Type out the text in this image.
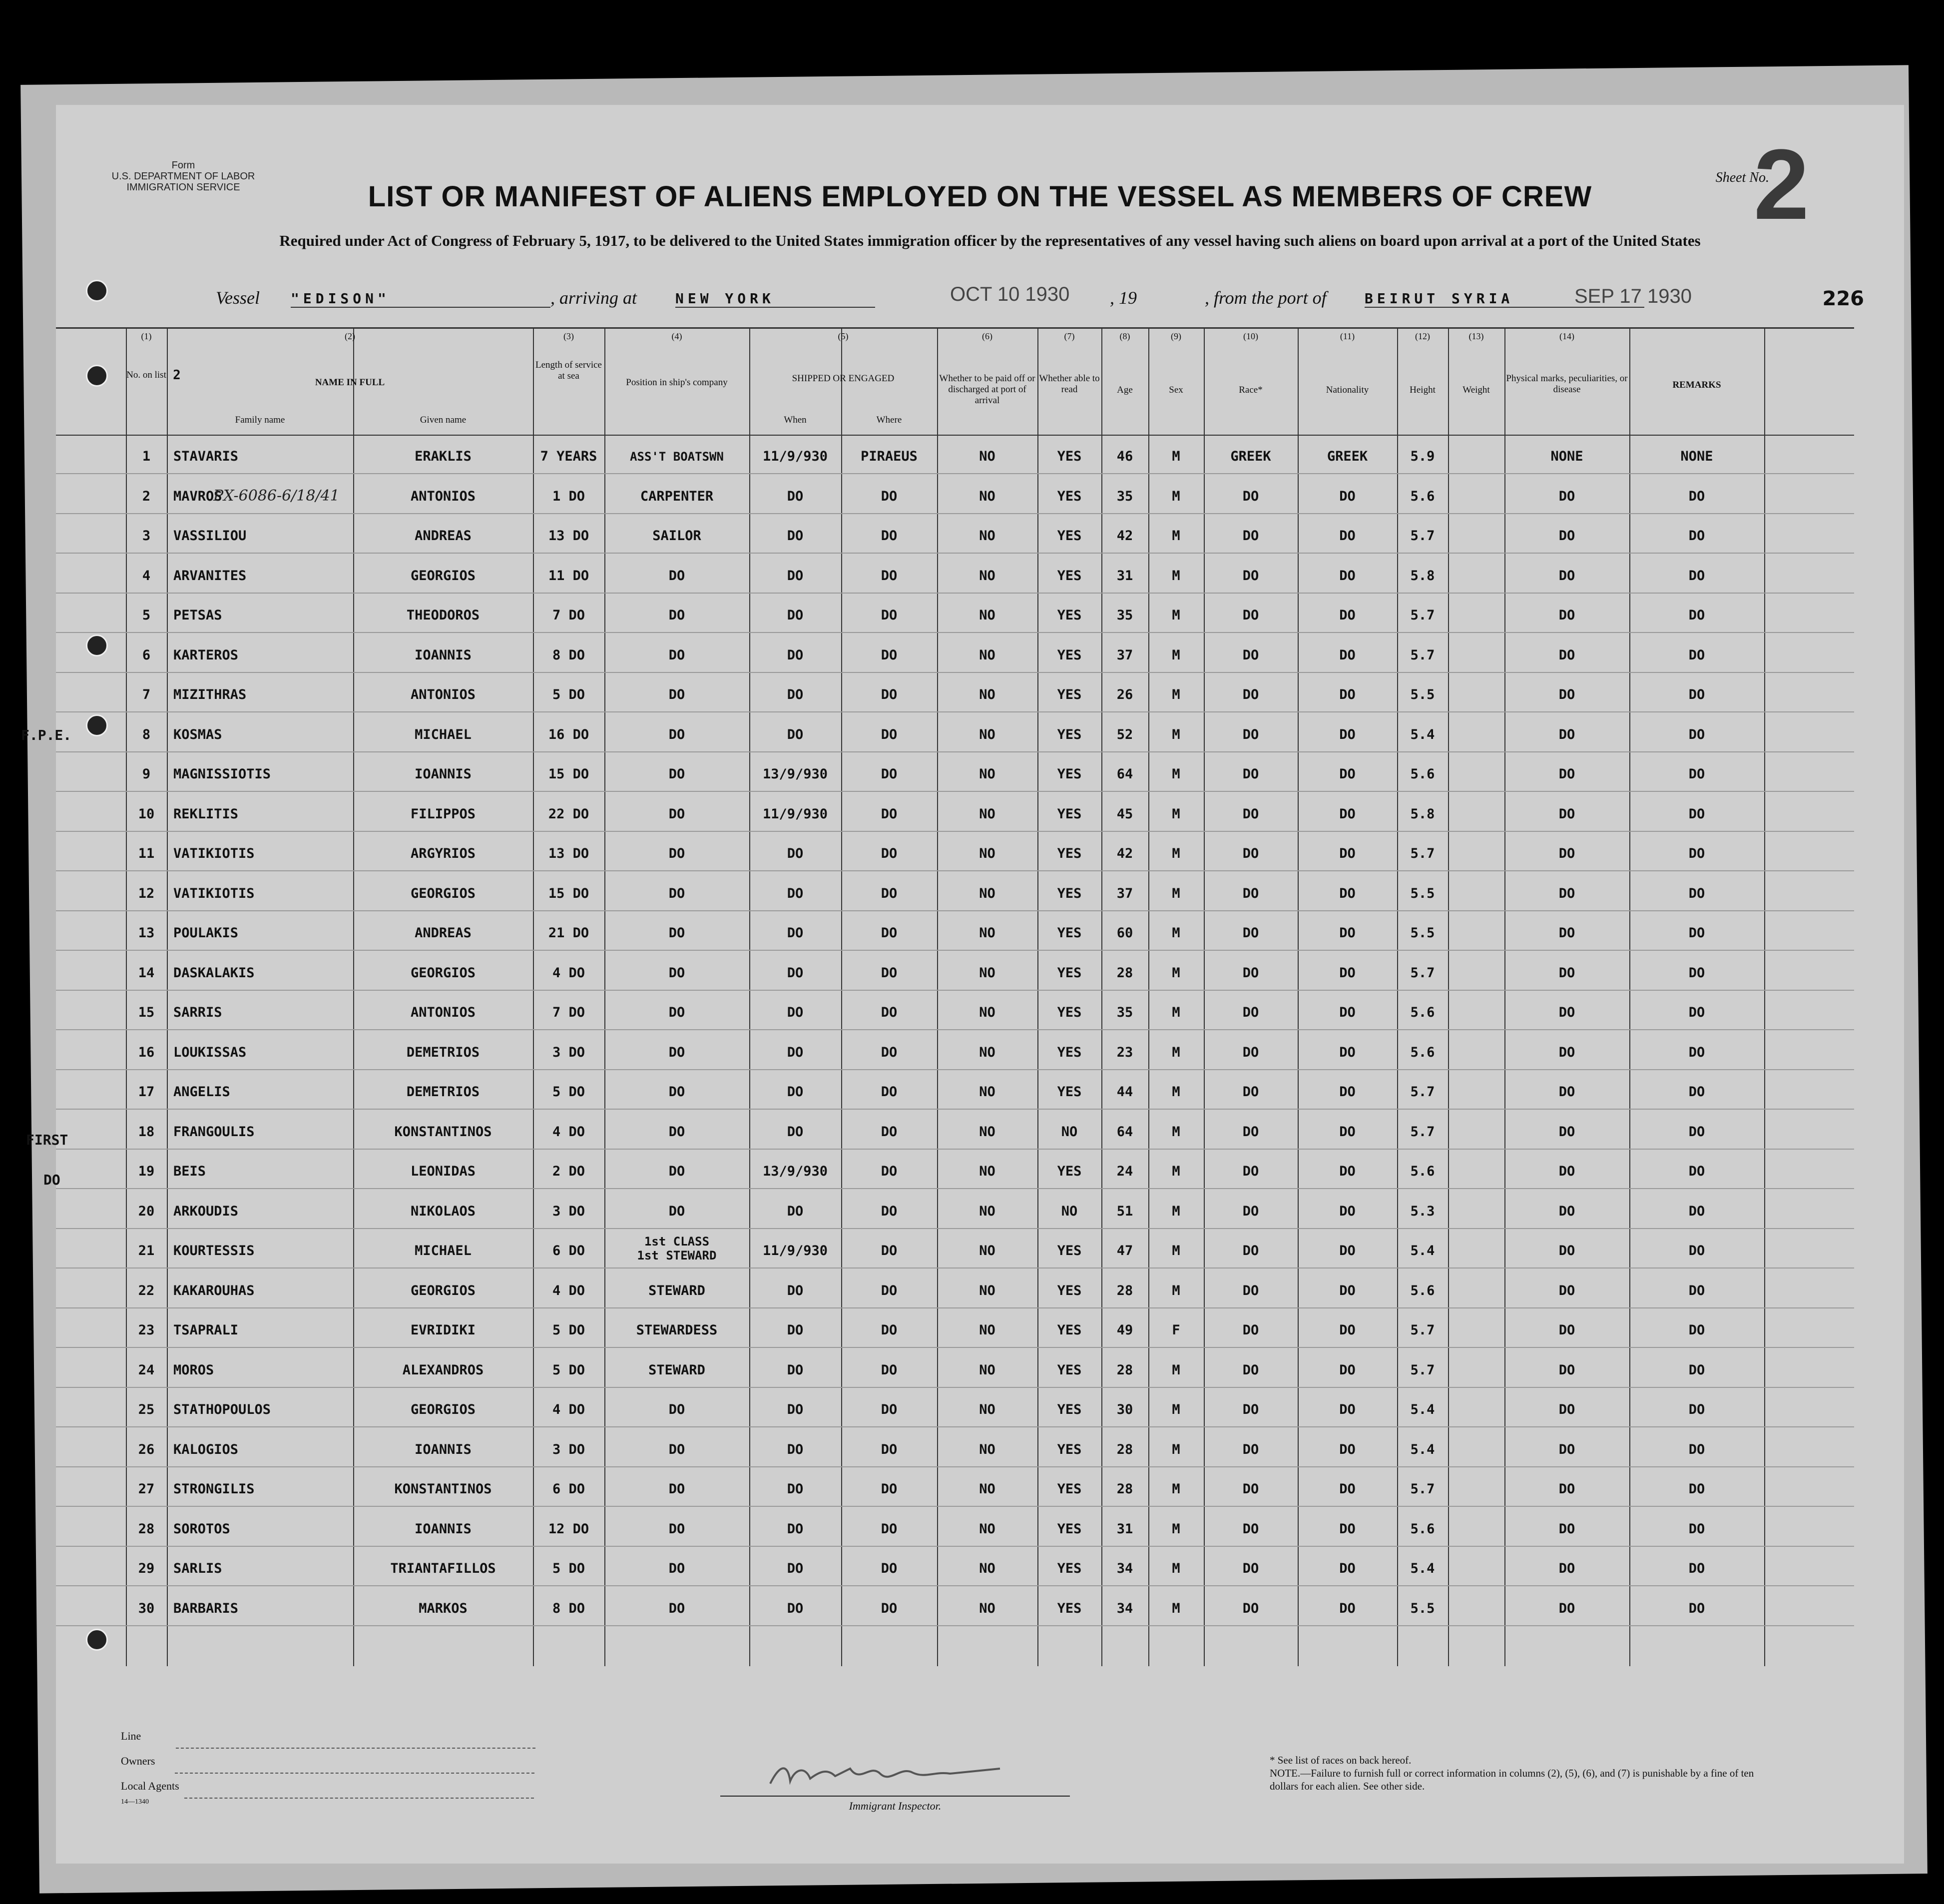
Form
U.S. DEPARTMENT OF LABOR
IMMIGRATION SERVICE
Sheet No.
2
LIST OR MANIFEST OF ALIENS EMPLOYED ON THE VESSEL AS MEMBERS OF CREW
Required under Act of Congress of February 5, 1917, to be delivered to the United States immigration officer by the representatives of any vessel having such aliens on board upon arrival at a port of the United States
Vessel "EDISON"	, arriving at	NEW YORK	OCT 10 1930 , 19	, from the port of	BEIRUT SYRIA	SEP 17 1930	226
(1)	(2)	(3)	(4)	(5)	(6)	(7)	(8)	(9)	(10)	(11)	(12)	(13)	(14)
No. on list 2	NAME IN FULL
Family name	Given name
Length of service at sea
Position in ship's company	SHIPPED OR ENGAGED
When	Where
Whether to be paid off or discharged at port of arrival
Whether able to read	Age	Sex	Race*	Nationality	Height	Weight
Physical marks, peculiarities, or disease	REMARKS
1	STAVARIS	ERAKLIS	7 YEARS	ASS'T BOATSWN	11/9/930	PIRAEUS	NO	YES	46	M	GREEK	GREEK	5.9	NONE	NONE
2	MAVROS	ANTONIOS	1 DO	CARPENTER	DO	DO	NO	YES	35	M	DO	DO	5.6	DO	DO
3	VASSILIOU	ANDREAS	13 DO	SAILOR	DO	DO	NO	YES	42	M	DO	DO	5.7	DO	DO
4	ARVANITES	GEORGIOS	11 DO	DO	DO	DO	NO	YES	31	M	DO	DO	5.8	DO	DO
5	PETSAS	THEODOROS	7 DO	DO	DO	DO	NO	YES	35	M	DO	DO	5.7	DO	DO
6	KARTEROS	IOANNIS	8 DO	DO	DO	DO	NO	YES	37	M	DO	DO	5.7	DO	DO
7	MIZITHRAS	ANTONIOS	5 DO	DO	DO	DO	NO	YES	26	M	DO	DO	5.5	DO	DO
8	KOSMAS	MICHAEL	16 DO	DO	DO	DO	NO	YES	52	M	DO	DO	5.4	DO	DO
9	MAGNISSIOTIS	IOANNIS	15 DO	DO	13/9/930	DO	NO	YES	64	M	DO	DO	5.6	DO	DO
10	REKLITIS	FILIPPOS	22 DO	DO	11/9/930	DO	NO	YES	45	M	DO	DO	5.8	DO	DO
11	VATIKIOTIS	ARGYRIOS	13 DO	DO	DO	DO	NO	YES	42	M	DO	DO	5.7	DO	DO
12	VATIKIOTIS	GEORGIOS	15 DO	DO	DO	DO	NO	YES	37	M	DO	DO	5.5	DO	DO
13	POULAKIS	ANDREAS	21 DO	DO	DO	DO	NO	YES	60	M	DO	DO	5.5	DO	DO
14	DASKALAKIS	GEORGIOS	4 DO	DO	DO	DO	NO	YES	28	M	DO	DO	5.7	DO	DO
15	SARRIS	ANTONIOS	7 DO	DO	DO	DO	NO	YES	35	M	DO	DO	5.6	DO	DO
16	LOUKISSAS	DEMETRIOS	3 DO	DO	DO	DO	NO	YES	23	M	DO	DO	5.6	DO	DO
17	ANGELIS	DEMETRIOS	5 DO	DO	DO	DO	NO	YES	44	M	DO	DO	5.7	DO	DO
18	FRANGOULIS	KONSTANTINOS	4 DO	DO	DO	DO	NO	NO	64	M	DO	DO	5.7	DO	DO
19	BEIS	LEONIDAS	2 DO	DO	13/9/930	DO	NO	YES	24	M	DO	DO	5.6	DO	DO
20	ARKOUDIS	NIKOLAOS	3 DO	DO	DO	DO	NO	NO	51	M	DO	DO	5.3	DO	DO
21	KOURTESSIS	MICHAEL	6 DO
1st CLASS
1st STEWARD	11/9/930	DO	NO	YES	47	M	DO	DO	5.4	DO	DO
22	KAKAROUHAS	GEORGIOS	4 DO	STEWARD	DO	DO	NO	YES	28	M	DO	DO	5.6	DO	DO
23	TSAPRALI	EVRIDIKI	5 DO	STEWARDESS	DO	DO	NO	YES	49	F	DO	DO	5.7	DO	DO
24	MOROS	ALEXANDROS	5 DO	STEWARD	DO	DO	NO	YES	28	M	DO	DO	5.7	DO	DO
25	STATHOPOULOS	GEORGIOS	4 DO	DO	DO	DO	NO	YES	30	M	DO	DO	5.4	DO	DO
26	KALOGIOS	IOANNIS	3 DO	DO	DO	DO	NO	YES	28	M	DO	DO	5.4	DO	DO
27	STRONGILIS	KONSTANTINOS	6 DO	DO	DO	DO	NO	YES	28	M	DO	DO	5.7	DO	DO
28	SOROTOS	IOANNIS	12 DO	DO	DO	DO	NO	YES	31	M	DO	DO	5.6	DO	DO
29	SARLIS	TRIANTAFILLOS	5 DO	DO	DO	DO	NO	YES	34	M	DO	DO	5.4	DO	DO
30	BARBARIS	MARKOS	8 DO	DO	DO	DO	NO	YES	34	M	DO	DO	5.5	DO	DO
F.P.E.
FIRST
DO
PX-6086-6/18/41
Line
Owners
Local Agents
14—1340	Immigrant Inspector.
* See list of races on back hereof.
NOTE.—Failure to furnish full or correct information in columns (2), (5), (6), and (7) is punishable by a fine of ten dollars for each alien. See other side.
